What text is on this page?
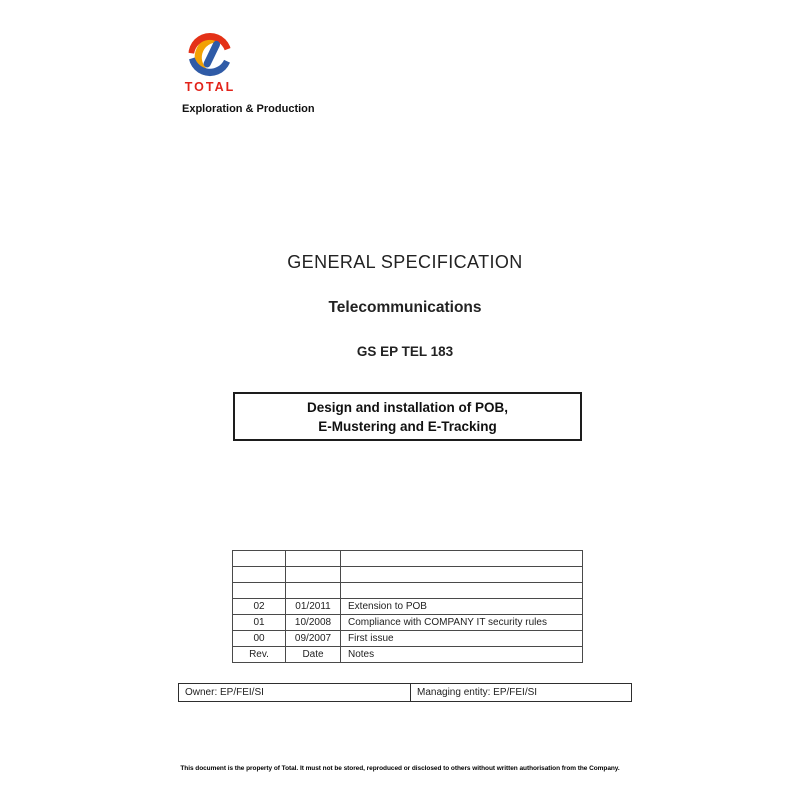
TOTAL
Exploration & Production
GENERAL SPECIFICATION
Telecommunications
GS EP TEL 183
Design and installation of POB,
E-Mustering and E-Tracking

02	01/2011	Extension to POB
01	10/2008	Compliance with COMPANY IT security rules
00	09/2007	First issue
Rev.	Date	Notes
Owner: EP/FEI/SI	Managing entity: EP/FEI/SI
This document is the property of Total. It must not be stored, reproduced or disclosed to others without written authorisation from the Company.
